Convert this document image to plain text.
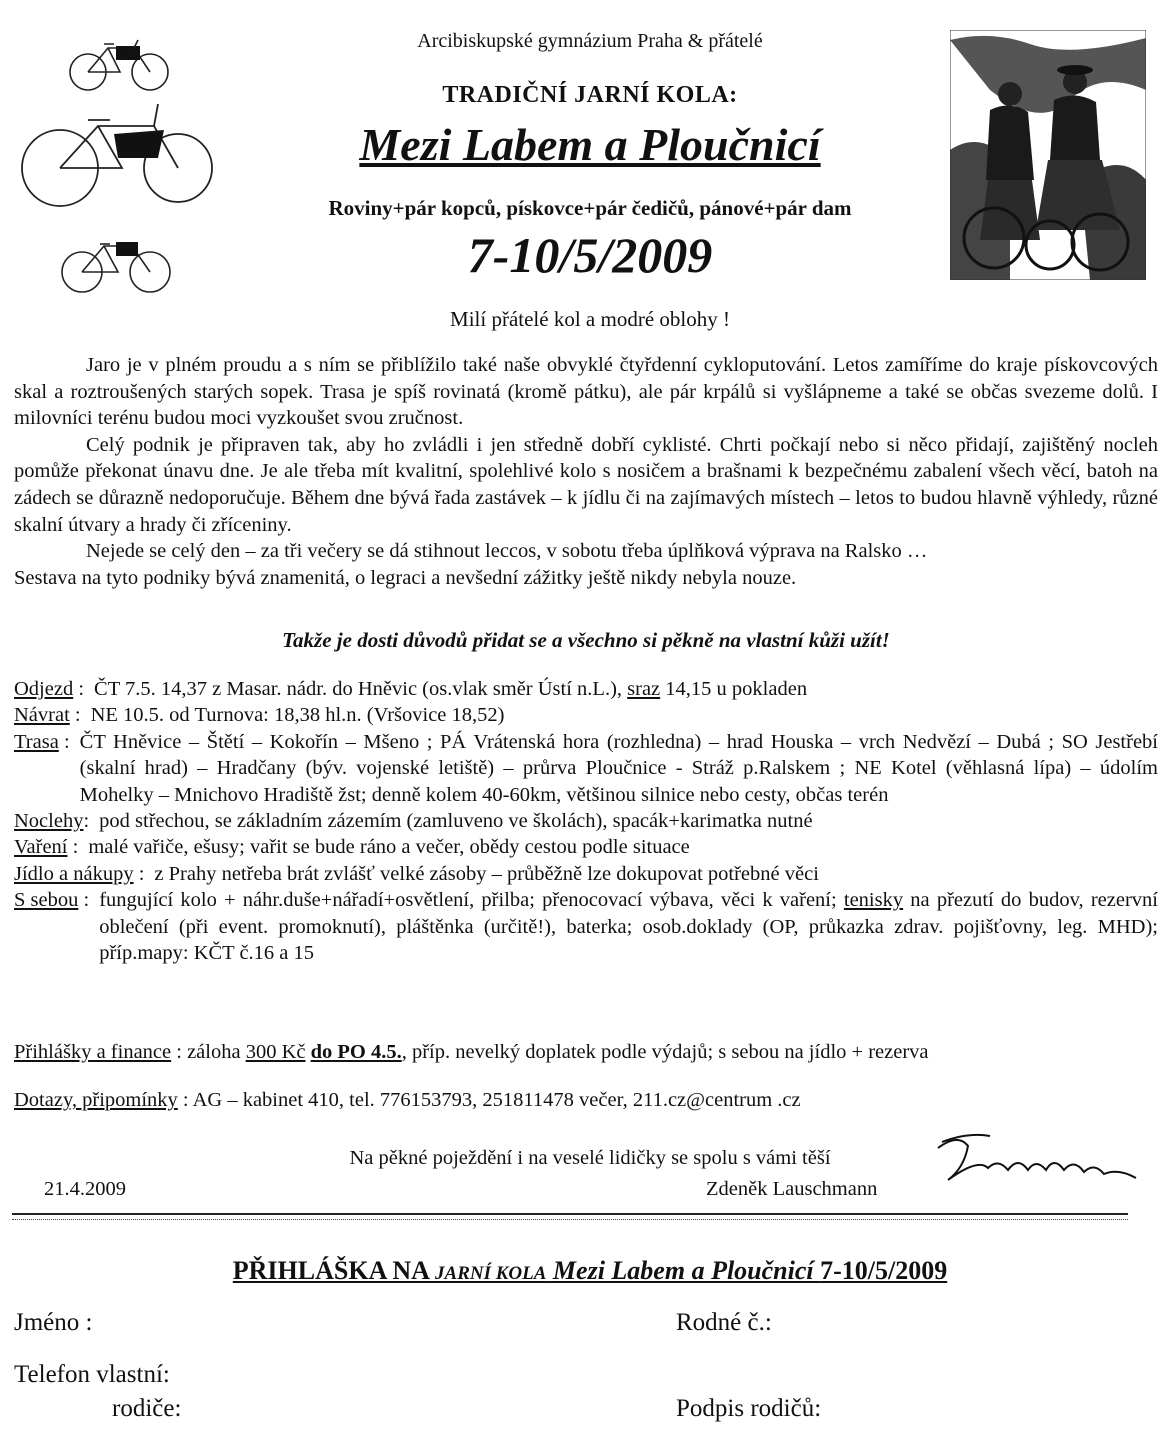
Arcibiskupské gymnázium Praha & přátelé
TRADIČNÍ JARNÍ KOLA:
Mezi Labem a Ploučnicí
Roviny+pár kopců, pískovce+pár čedičů, pánové+pár dam
7-10/5/2009
Milí přátelé kol a modré oblohy !

Jaro je v plném proudu a s ním se přiblížilo také naše obvyklé čtyřdenní cykloputování. Letos zamíříme do kraje pískovcových skal a roztroušených starých sopek. Trasa je spíš rovinatá (kromě pátku), ale pár krpálů si vyšlápneme a také se občas svezeme dolů. I milovníci terénu budou moci vyzkoušet svou zručnost.

Celý podnik je připraven tak, aby ho zvládli i jen středně dobří cyklisté. Chrti počkají nebo si něco přidají, zajištěný nocleh pomůže překonat únavu dne. Je ale třeba mít kvalitní, spolehlivé kolo s nosičem a brašnami k bezpečnému zabalení všech věcí, batoh na zádech se důrazně nedoporučuje. Během dne bývá řada zastávek – k jídlu či na zajímavých místech – letos to budou hlavně výhledy, různé skalní útvary a hrady či zříceniny.

Nejede se celý den – za tři večery se dá stihnout leccos, v sobotu třeba úplňková výprava na Ralsko …

Sestava na tyto podniky bývá znamenitá, o legraci a nevšední zážitky ještě nikdy nebyla nouze.

Takže je dosti důvodů přidat se a všechno si pěkně na vlastní kůži užít!
Odjezd : ČT 7.5. 14,37 z Masar. nádr. do Hněvic (os.vlak směr Ústí n.L.), sraz 14,15 u pokladen
Návrat : NE 10.5. od Turnova: 18,38 hl.n. (Vršovice 18,52)
Trasa : ČT Hněvice – Štětí – Kokořín – Mšeno ; PÁ Vrátenská hora (rozhledna) – hrad Houska – vrch Nedvězí – Dubá ; SO Jestřebí (skalní hrad) – Hradčany (býv. vojenské letiště) – průrva Ploučnice - Stráž p.Ralskem ; NE Kotel (věhlasná lípa) – údolím Mohelky – Mnichovo Hradiště žst; denně kolem 40-60km, většinou silnice nebo cesty, občas terén
Noclehy: pod střechou, se základním zázemím (zamluveno ve školách), spacák+karimatka nutné
Vaření : malé vařiče, ešusy; vařit se bude ráno a večer, obědy cestou podle situace
Jídlo a nákupy : z Prahy netřeba brát zvlášť velké zásoby – průběžně lze dokupovat potřebné věci
S sebou : fungující kolo + náhr.duše+nářadí+osvětlení, přilba; přenocovací výbava, věci k vaření; tenisky na přezutí do budov, rezervní oblečení (při event. promoknutí), pláštěnka (určitě!), baterka; osob.doklady (OP, průkazka zdrav. pojišťovny, leg. MHD); příp.mapy: KČT č.16 a 15
Přihlášky a finance : záloha 300 Kč do PO 4.5., příp. nevelký doplatek podle výdajů; s sebou na jídlo + rezerva
Dotazy, připomínky : AG – kabinet 410, tel. 776153793, 251811478 večer, 211.cz@centrum .cz
Na pěkné poježdění i na veselé lidičky se spolu s vámi těší
21.4.2009	Zdeněk Lauschmann
PŘIHLÁŠKA NA JARNÍ KOLA Mezi Labem a Ploučnicí 7-10/5/2009
Jméno :	Rodné č.:
Telefon vlastní:
rodiče:	Podpis rodičů:
